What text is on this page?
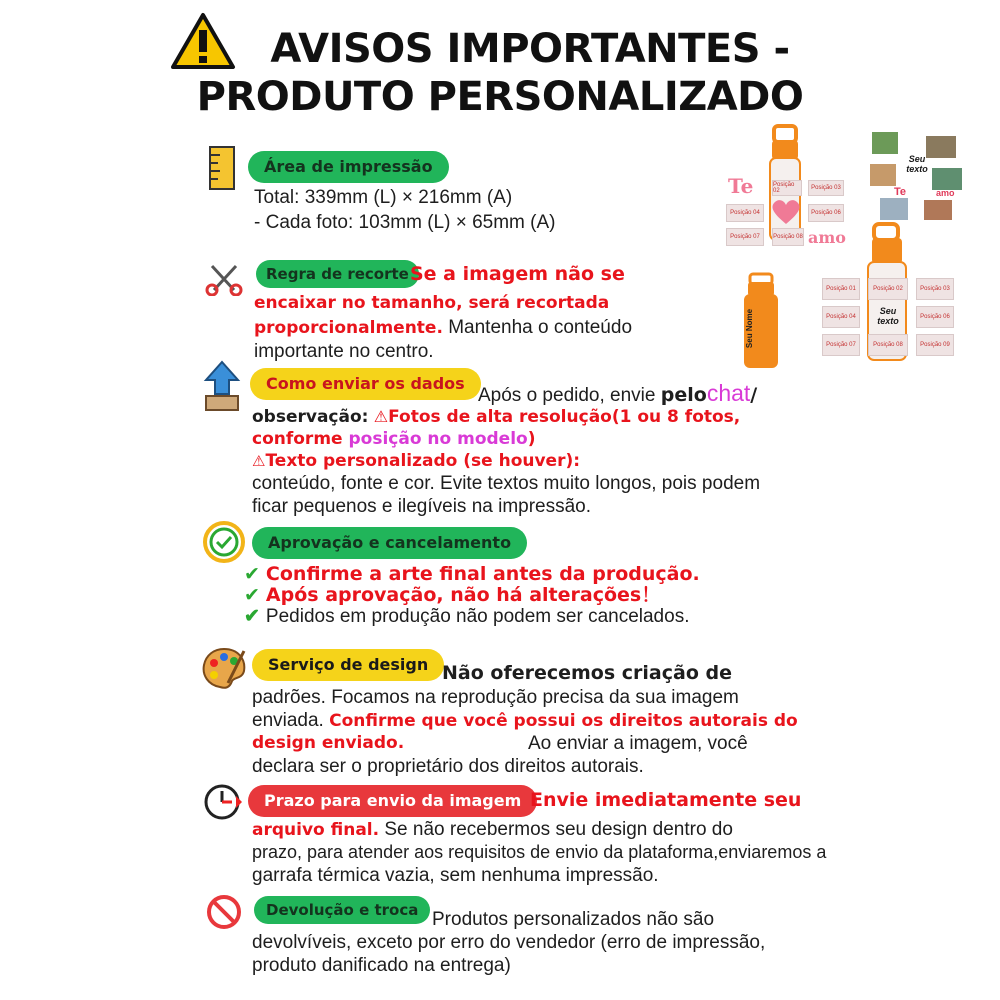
AVISOS IMPORTANTES -
PRODUTO PERSONALIZADO
Área de impressão
Total: 339mm (L) × 216mm (A)
- Cada foto: 103mm (L) × 65mm (A)
Regra de recorte Se a imagem não se
encaixar no tamanho, será recortada
proporcionalmente. Mantenha o conteúdo
importante no centro.
Como enviar os dados
Após o pedido, envie pelochat/
observação: ⚠Fotos de alta resolução(1 ou 8 fotos,
conforme posição no modelo)
⚠Texto personalizado (se houver):
conteúdo, fonte e cor. Evite textos muito longos, pois podem
ficar pequenos e ilegíveis na impressão.
Aprovação e cancelamento
✔ Confirme a arte final antes da produção.
✔ Após aprovação, não há alterações！
✔ Pedidos em produção não podem ser cancelados.
Serviço de design Não oferecemos criação de
padrões. Focamos na reprodução precisa da sua imagem
enviada. Confirme que você possui os direitos autorais do
design enviado.	Ao enviar a imagem, você
declara ser o proprietário dos direitos autorais.
Prazo para envio da imagem Envie imediatamente seu
arquivo final. Se não recebermos seu design dentro do
prazo, para atender aos requisitos de envio da plataforma,enviaremos a
garrafa térmica vazia, sem nenhuma impressão.
Devolução e troca Produtos personalizados não são
devolvíveis, exceto por erro do vendedor (erro de impressão,
produto danificado na entrega)
Te
amo
Posição 02	Posição 03
Posição 04	Posição 06
Posição 07	Posição 08
Seu texto
Te	amo
Seu Nome
Posição 01	Posição 02	Posição 03
Posição 04	Posição 06
Posição 07	Posição 08	Posição 09
Seu texto
